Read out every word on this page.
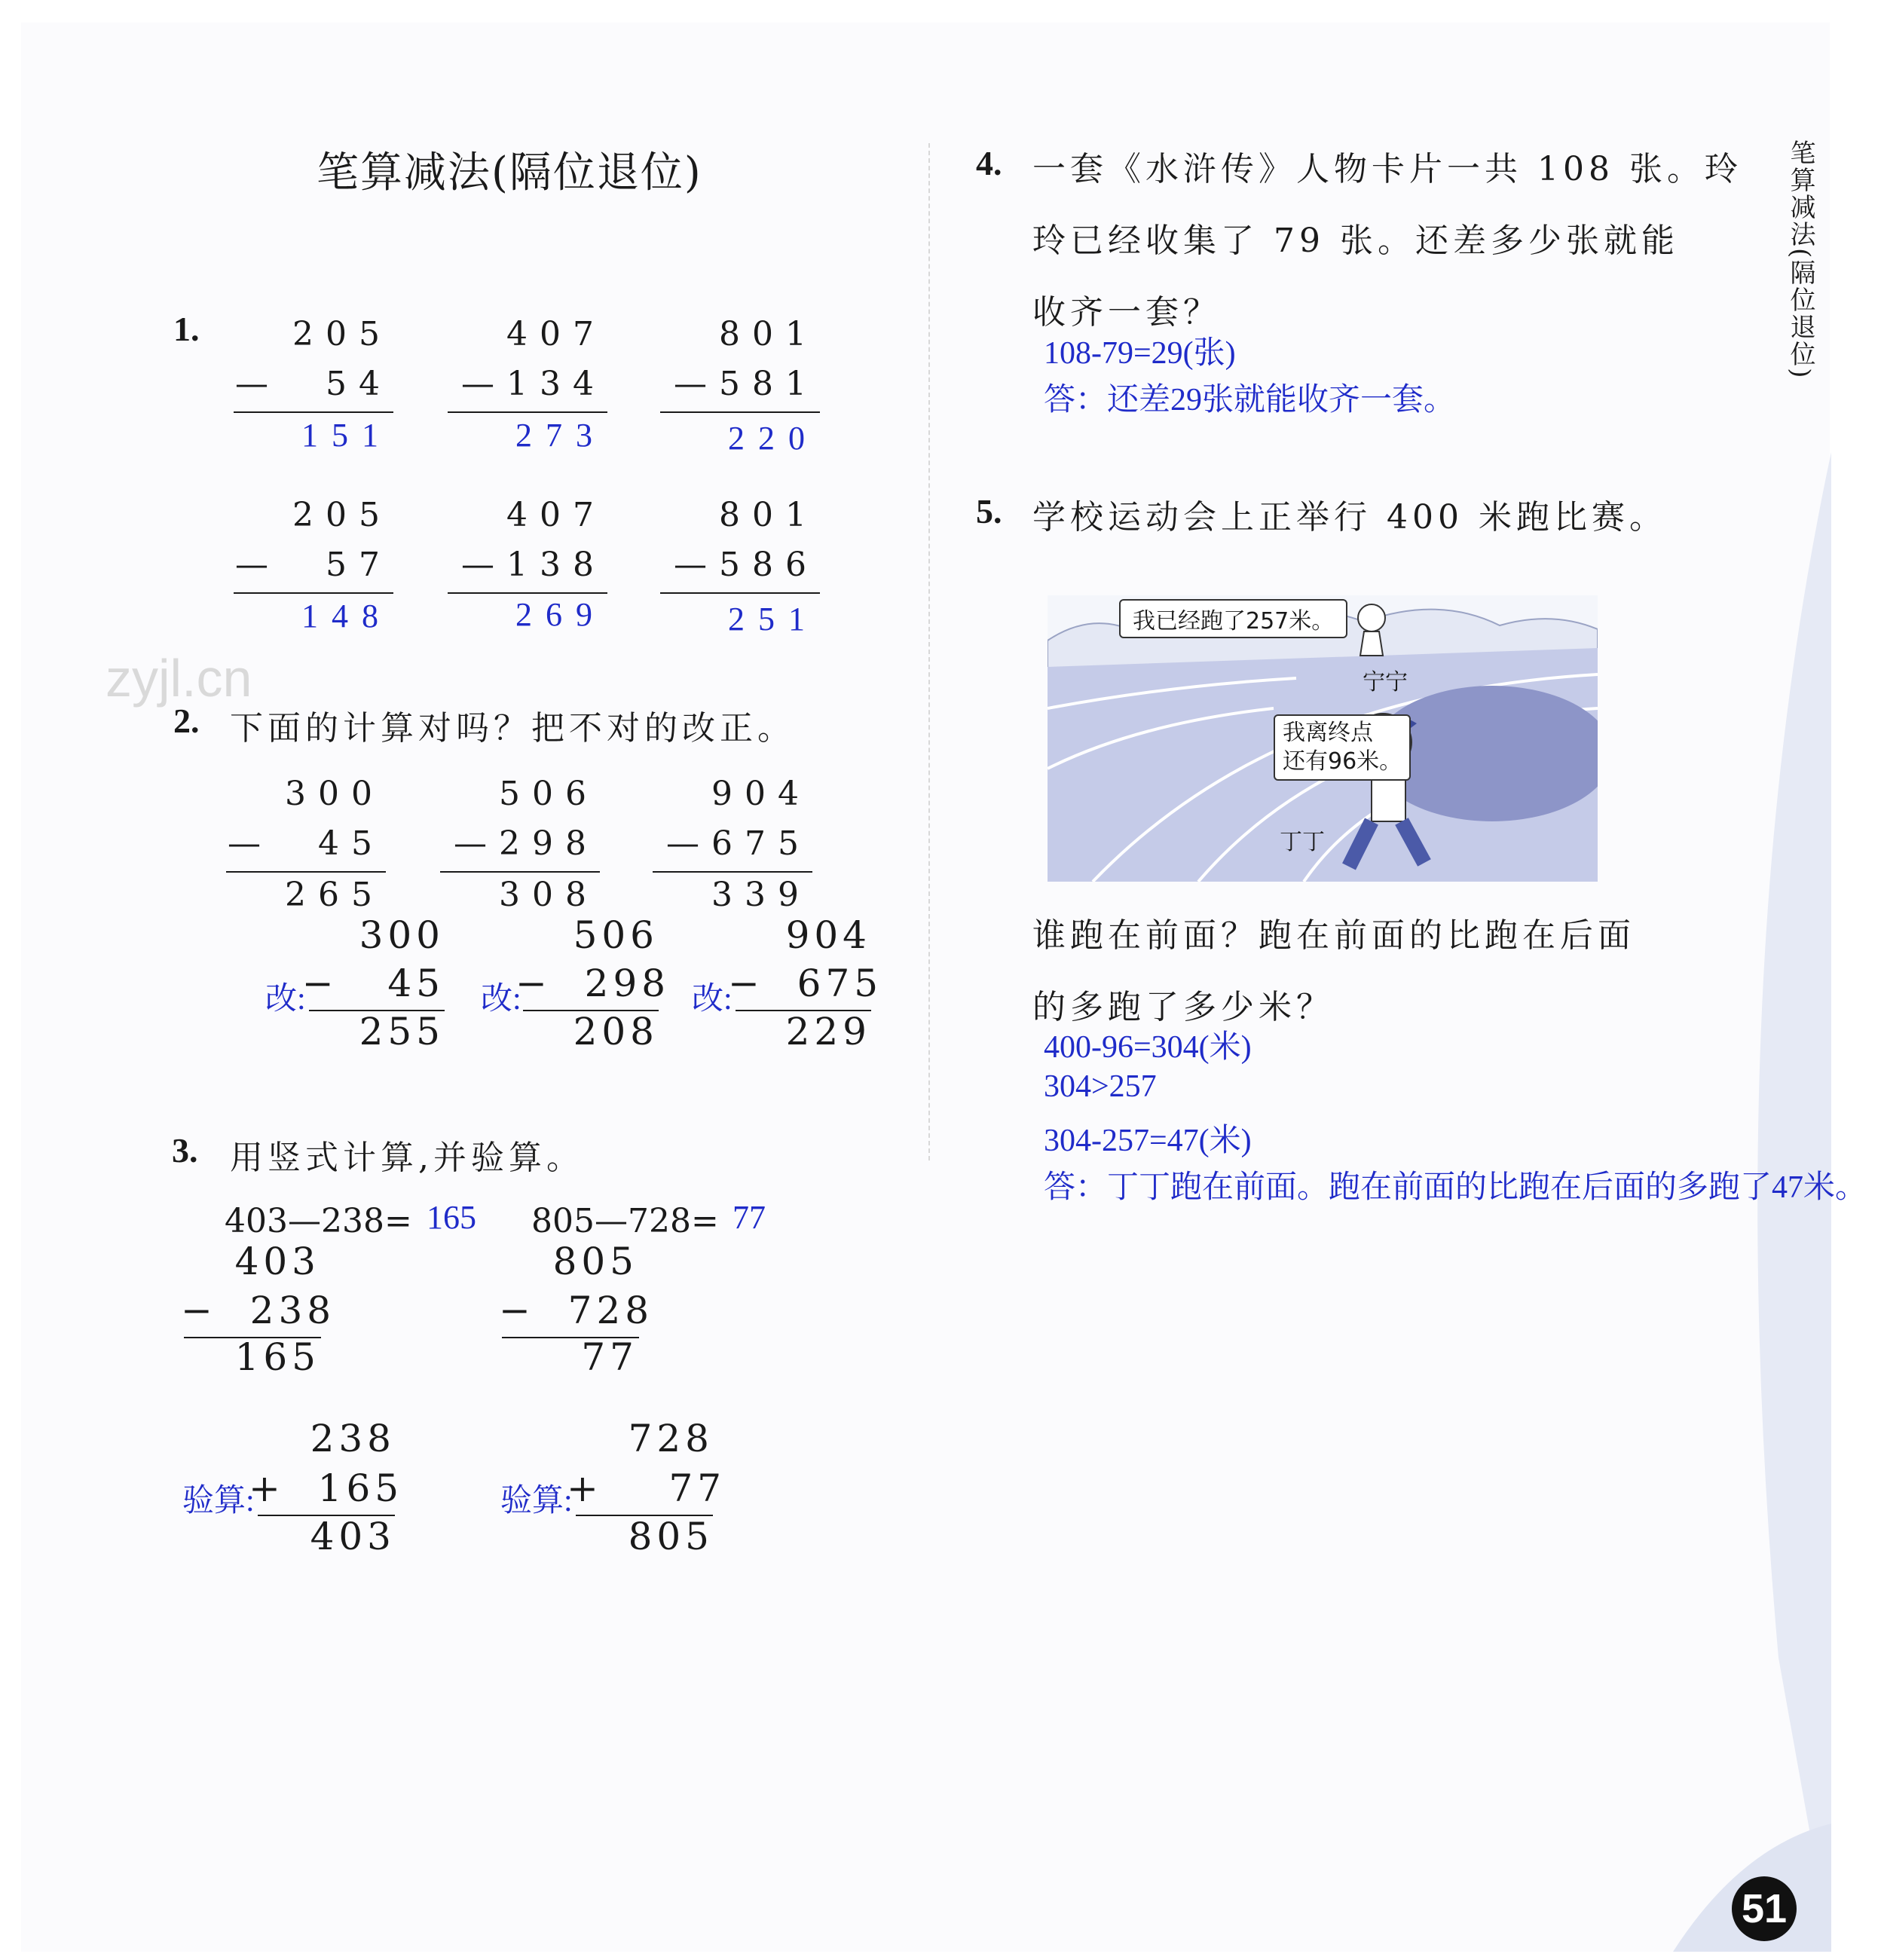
笔算减法(隔位退位)	笔算减法(隔位退位)
zyjl.cn
1.	205
—  54
151
407
—134
273
801
—581
220
205
—  57
148
407
—138
269
801
—586
251
2. 下面的计算对吗？把不对的改正。
300
—  45
265
506
—298
308
904
—675
339
300
改:
−   45
255
506
改:
−  298
208
904
改:
−  675
229
3. 用竖式计算,并验算。
403—238= 165
403
−  238
165
238
验算:
+  165
403
805—728= 77
805
−  728
77
728
验算:
+    77
805
4. 一套《水浒传》人物卡片一共 108 张。玲
玲已经收集了 79 张。还差多少张就能
收齐一套？
108-79=29(张)
答：还差29张就能收齐一套。
5. 学校运动会上正举行 400 米跑比赛。
我已经跑了257米。
宁宁
我离终点
还有96米。
丁丁
谁跑在前面？跑在前面的比跑在后面
的多跑了多少米？
400-96=304(米)
304>257
304-257=47(米)
答：丁丁跑在前面。跑在前面的比跑在后面的多跑了47米。
51
